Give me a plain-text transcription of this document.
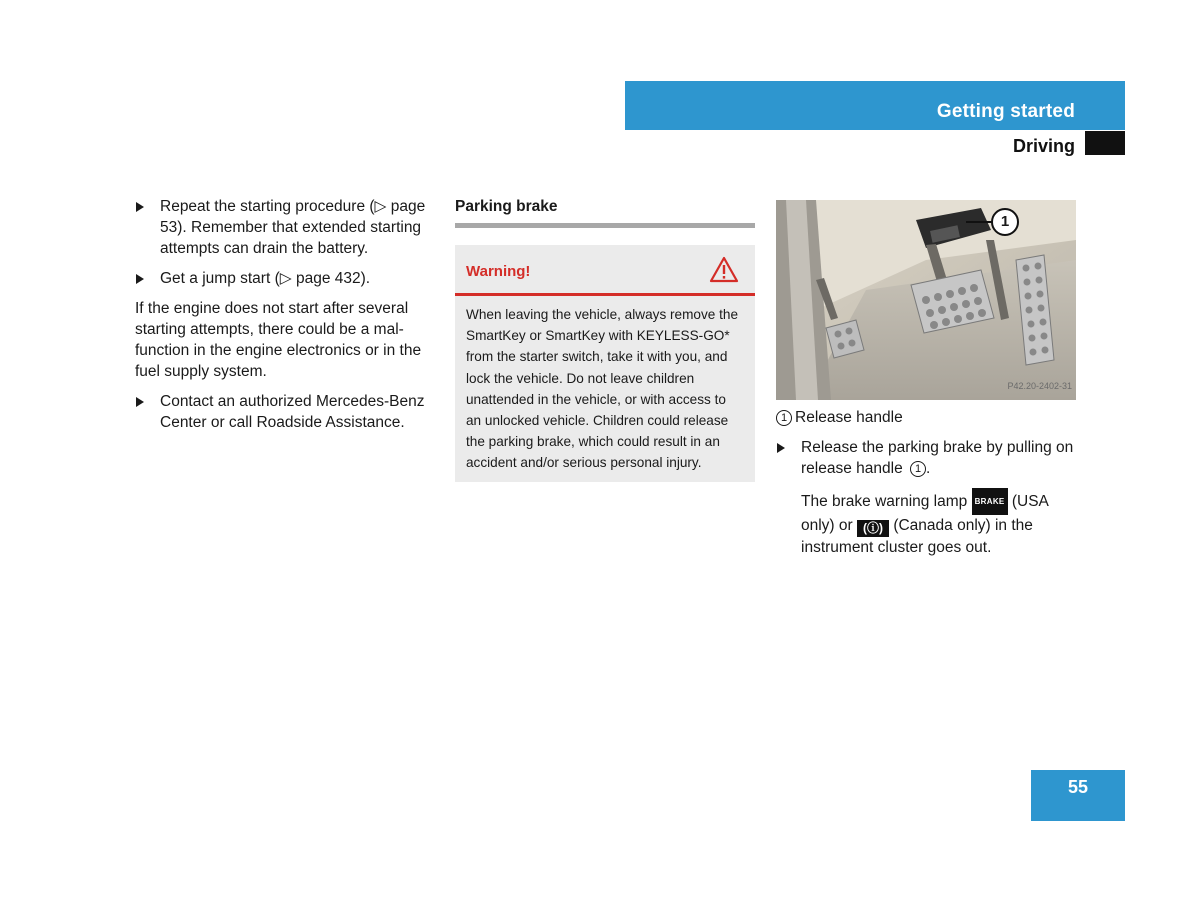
Getting started
Driving
Repeat the starting procedure (▷ page 53). Remember that extended starting attempts can drain the battery.
Get a jump start (▷ page 432).
If the engine does not start after several starting attempts, there could be a mal-function in the engine electronics or in the fuel supply system.
Contact an authorized Mercedes-Benz Center or call Roadside Assistance.
Parking brake
Warning!
When leaving the vehicle, always remove the SmartKey or SmartKey with KEYLESS-GO* from the starter switch, take it with you, and lock the vehicle. Do not leave children unattended in the vehicle, or with access to an unlocked vehicle. Children could release the parking brake, which could result in an accident and/or serious personal injury.
1
P42.20-2402-31
1 Release handle
Release the parking brake by pulling on release handle 1 .
The brake warning lamp BRAKE (USA only) or (ⓘ) (Canada only) in the instrument cluster goes out.
55
